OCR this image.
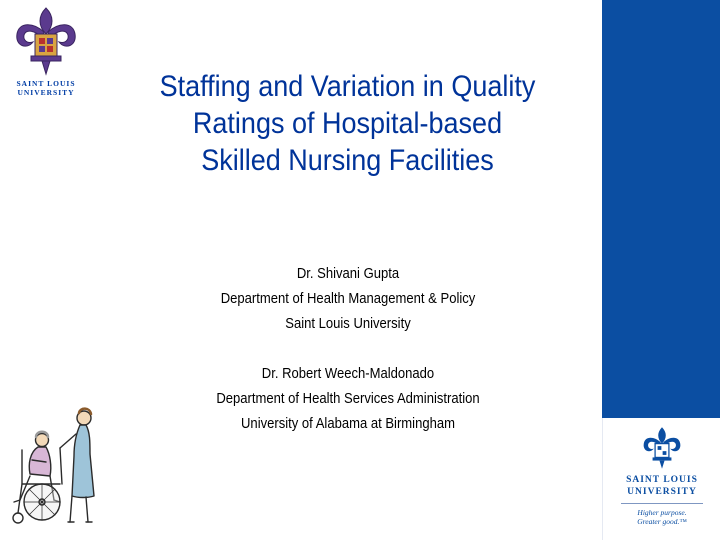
SAINT LOUIS
UNIVERSITY	Staffing and Variation in Quality
Ratings of Hospital-based
Skilled Nursing Facilities
Dr. Shivani Gupta
Department of Health Management & Policy
Saint Louis University
Dr. Robert Weech-Maldonado
Department of Health Services Administration
University of Alabama at Birmingham
SAINT LOUIS
UNIVERSITY
Higher purpose.
Greater good.™
